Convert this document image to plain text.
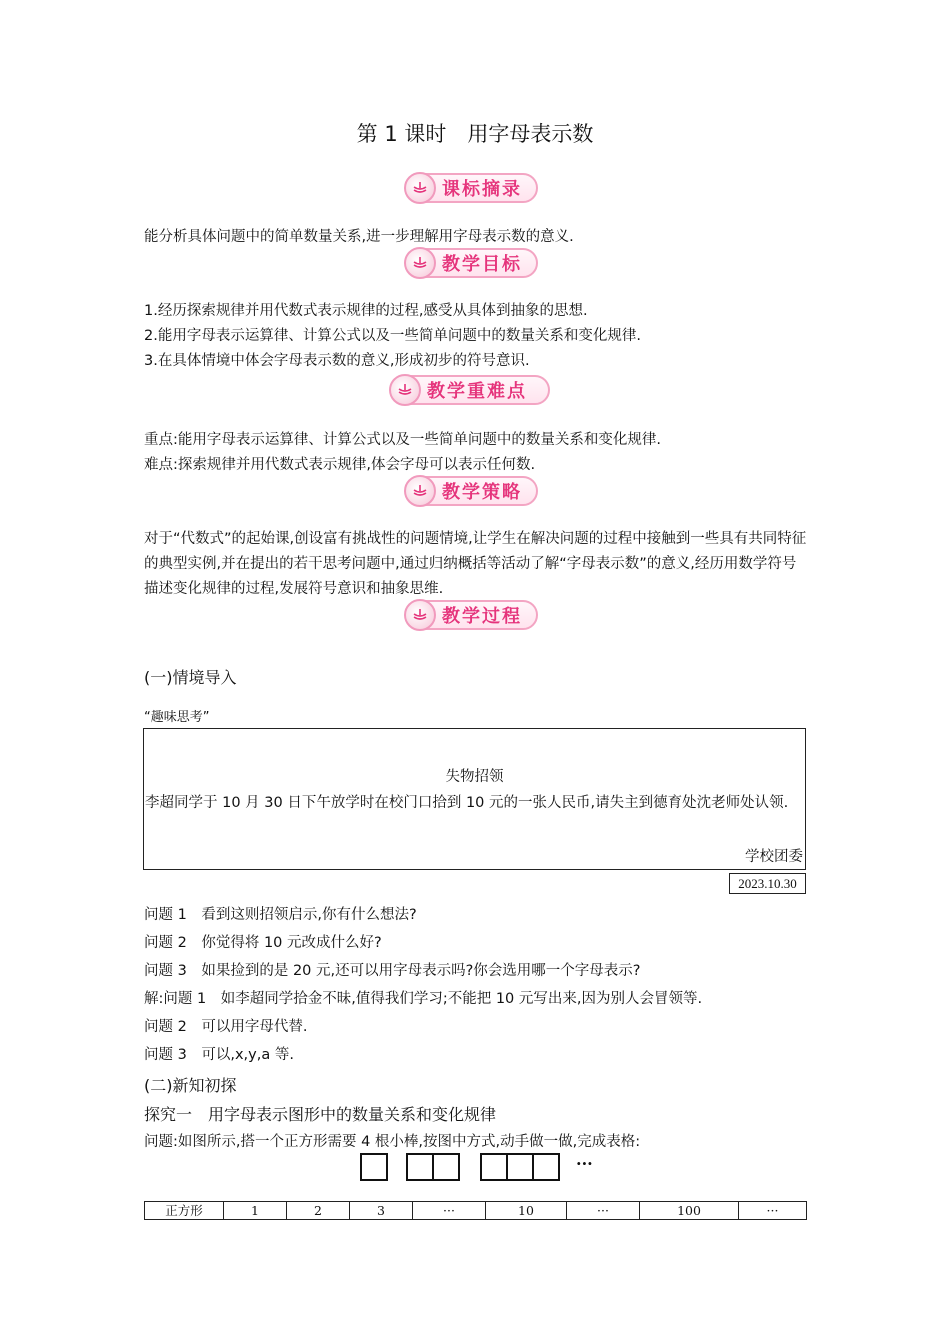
第 1 课时　用字母表示数
课标摘录
能分析具体问题中的简单数量关系,进一步理解用字母表示数的意义.
教学目标
1.经历探索规律并用代数式表示规律的过程,感受从具体到抽象的思想.
2.能用字母表示运算律、计算公式以及一些简单问题中的数量关系和变化规律.
3.在具体情境中体会字母表示数的意义,形成初步的符号意识.
教学重难点
重点:能用字母表示运算律、计算公式以及一些简单问题中的数量关系和变化规律.
难点:探索规律并用代数式表示规律,体会字母可以表示任何数.
教学策略
对于“代数式”的起始课,创设富有挑战性的问题情境,让学生在解决问题的过程中接触到一些具有共同特征的典型实例,并在提出的若干思考问题中,通过归纳概括等活动了解“字母表示数”的意义,经历用数学符号描述变化规律的过程,发展符号意识和抽象思维.
教学过程
(一)情境导入
“趣味思考”
失物招领
李超同学于 10 月 30 日下午放学时在校门口拾到 10 元的一张人民币,请失主到德育处沈老师处认领.
学校团委
2023.10.30
问题 1　看到这则招领启示,你有什么想法?
问题 2　你觉得将 10 元改成什么好?
问题 3　如果捡到的是 20 元,还可以用字母表示吗?你会选用哪一个字母表示?
解:问题 1　如李超同学拾金不昧,值得我们学习;不能把 10 元写出来,因为别人会冒领等.
问题 2　可以用字母代替.
问题 3　可以,x,y,a 等.
(二)新知初探
探究一　用字母表示图形中的数量关系和变化规律
问题:如图所示,搭一个正方形需要 4 根小棒,按图中方式,动手做一做,完成表格:
···
正方形	1	2	3	···	10	···	100	···
